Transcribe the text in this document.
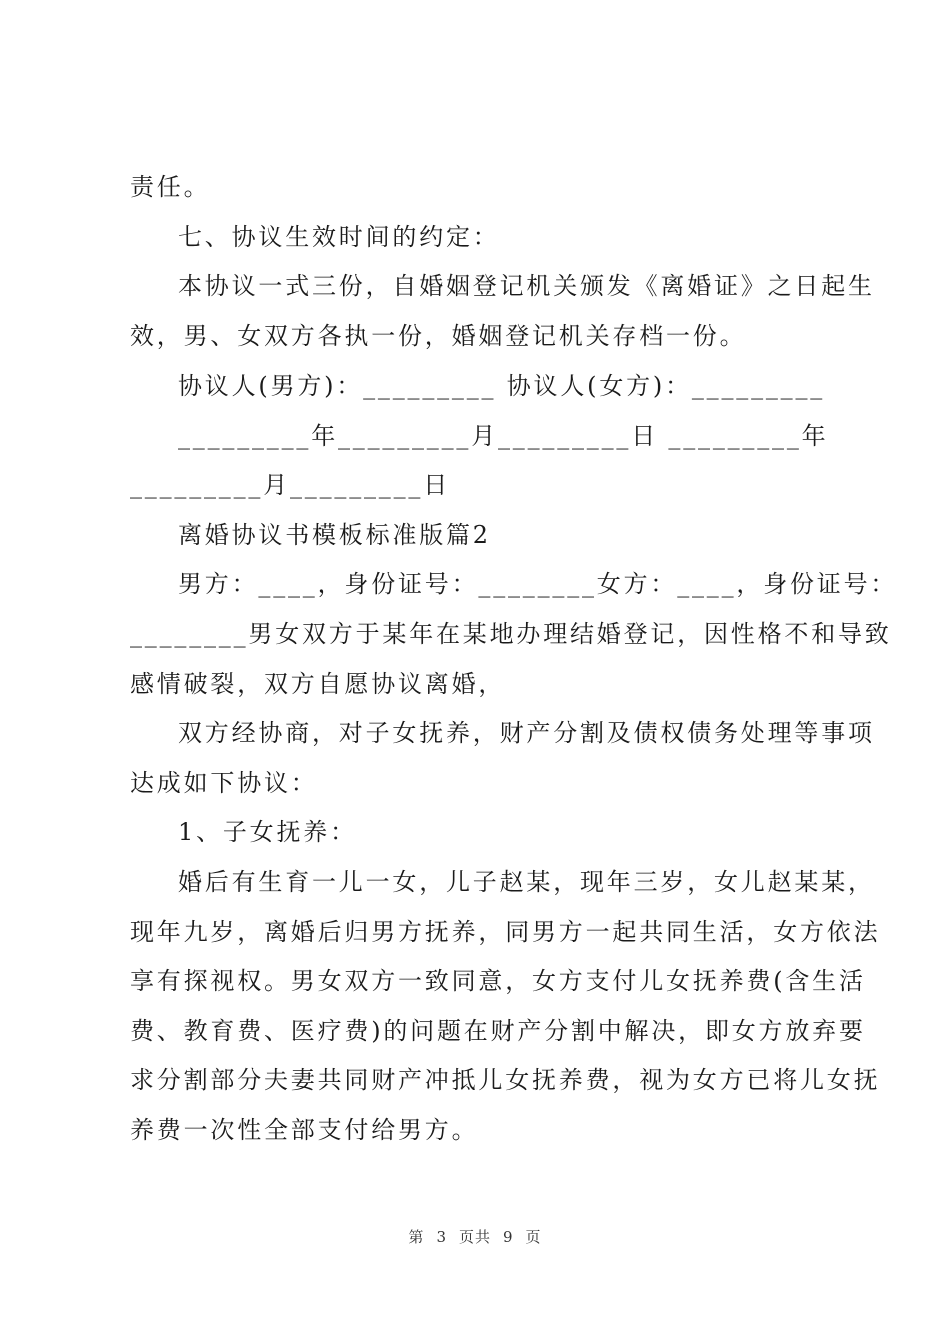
责任。
七、协议生效时间的约定：
本协议一式三份，自婚姻登记机关颁发《离婚证》之日起生
效，男、女双方各执一份，婚姻登记机关存档一份。
协议人(男方)：_________ 协议人(女方)：_________
_________年_________月_________日 _________年
_________月_________日
离婚协议书模板标准版篇2
男方：____，身份证号：________女方：____，身份证号：
________男女双方于某年在某地办理结婚登记，因性格不和导致
感情破裂，双方自愿协议离婚，
双方经协商，对子女抚养，财产分割及债权债务处理等事项
达成如下协议：
1、子女抚养：
婚后有生育一儿一女，儿子赵某，现年三岁，女儿赵某某，
现年九岁，离婚后归男方抚养，同男方一起共同生活，女方依法
享有探视权。男女双方一致同意，女方支付儿女抚养费(含生活
费、教育费、医疗费)的问题在财产分割中解决，即女方放弃要
求分割部分夫妻共同财产冲抵儿女抚养费，视为女方已将儿女抚
养费一次性全部支付给男方。
第 3 页共 9 页
